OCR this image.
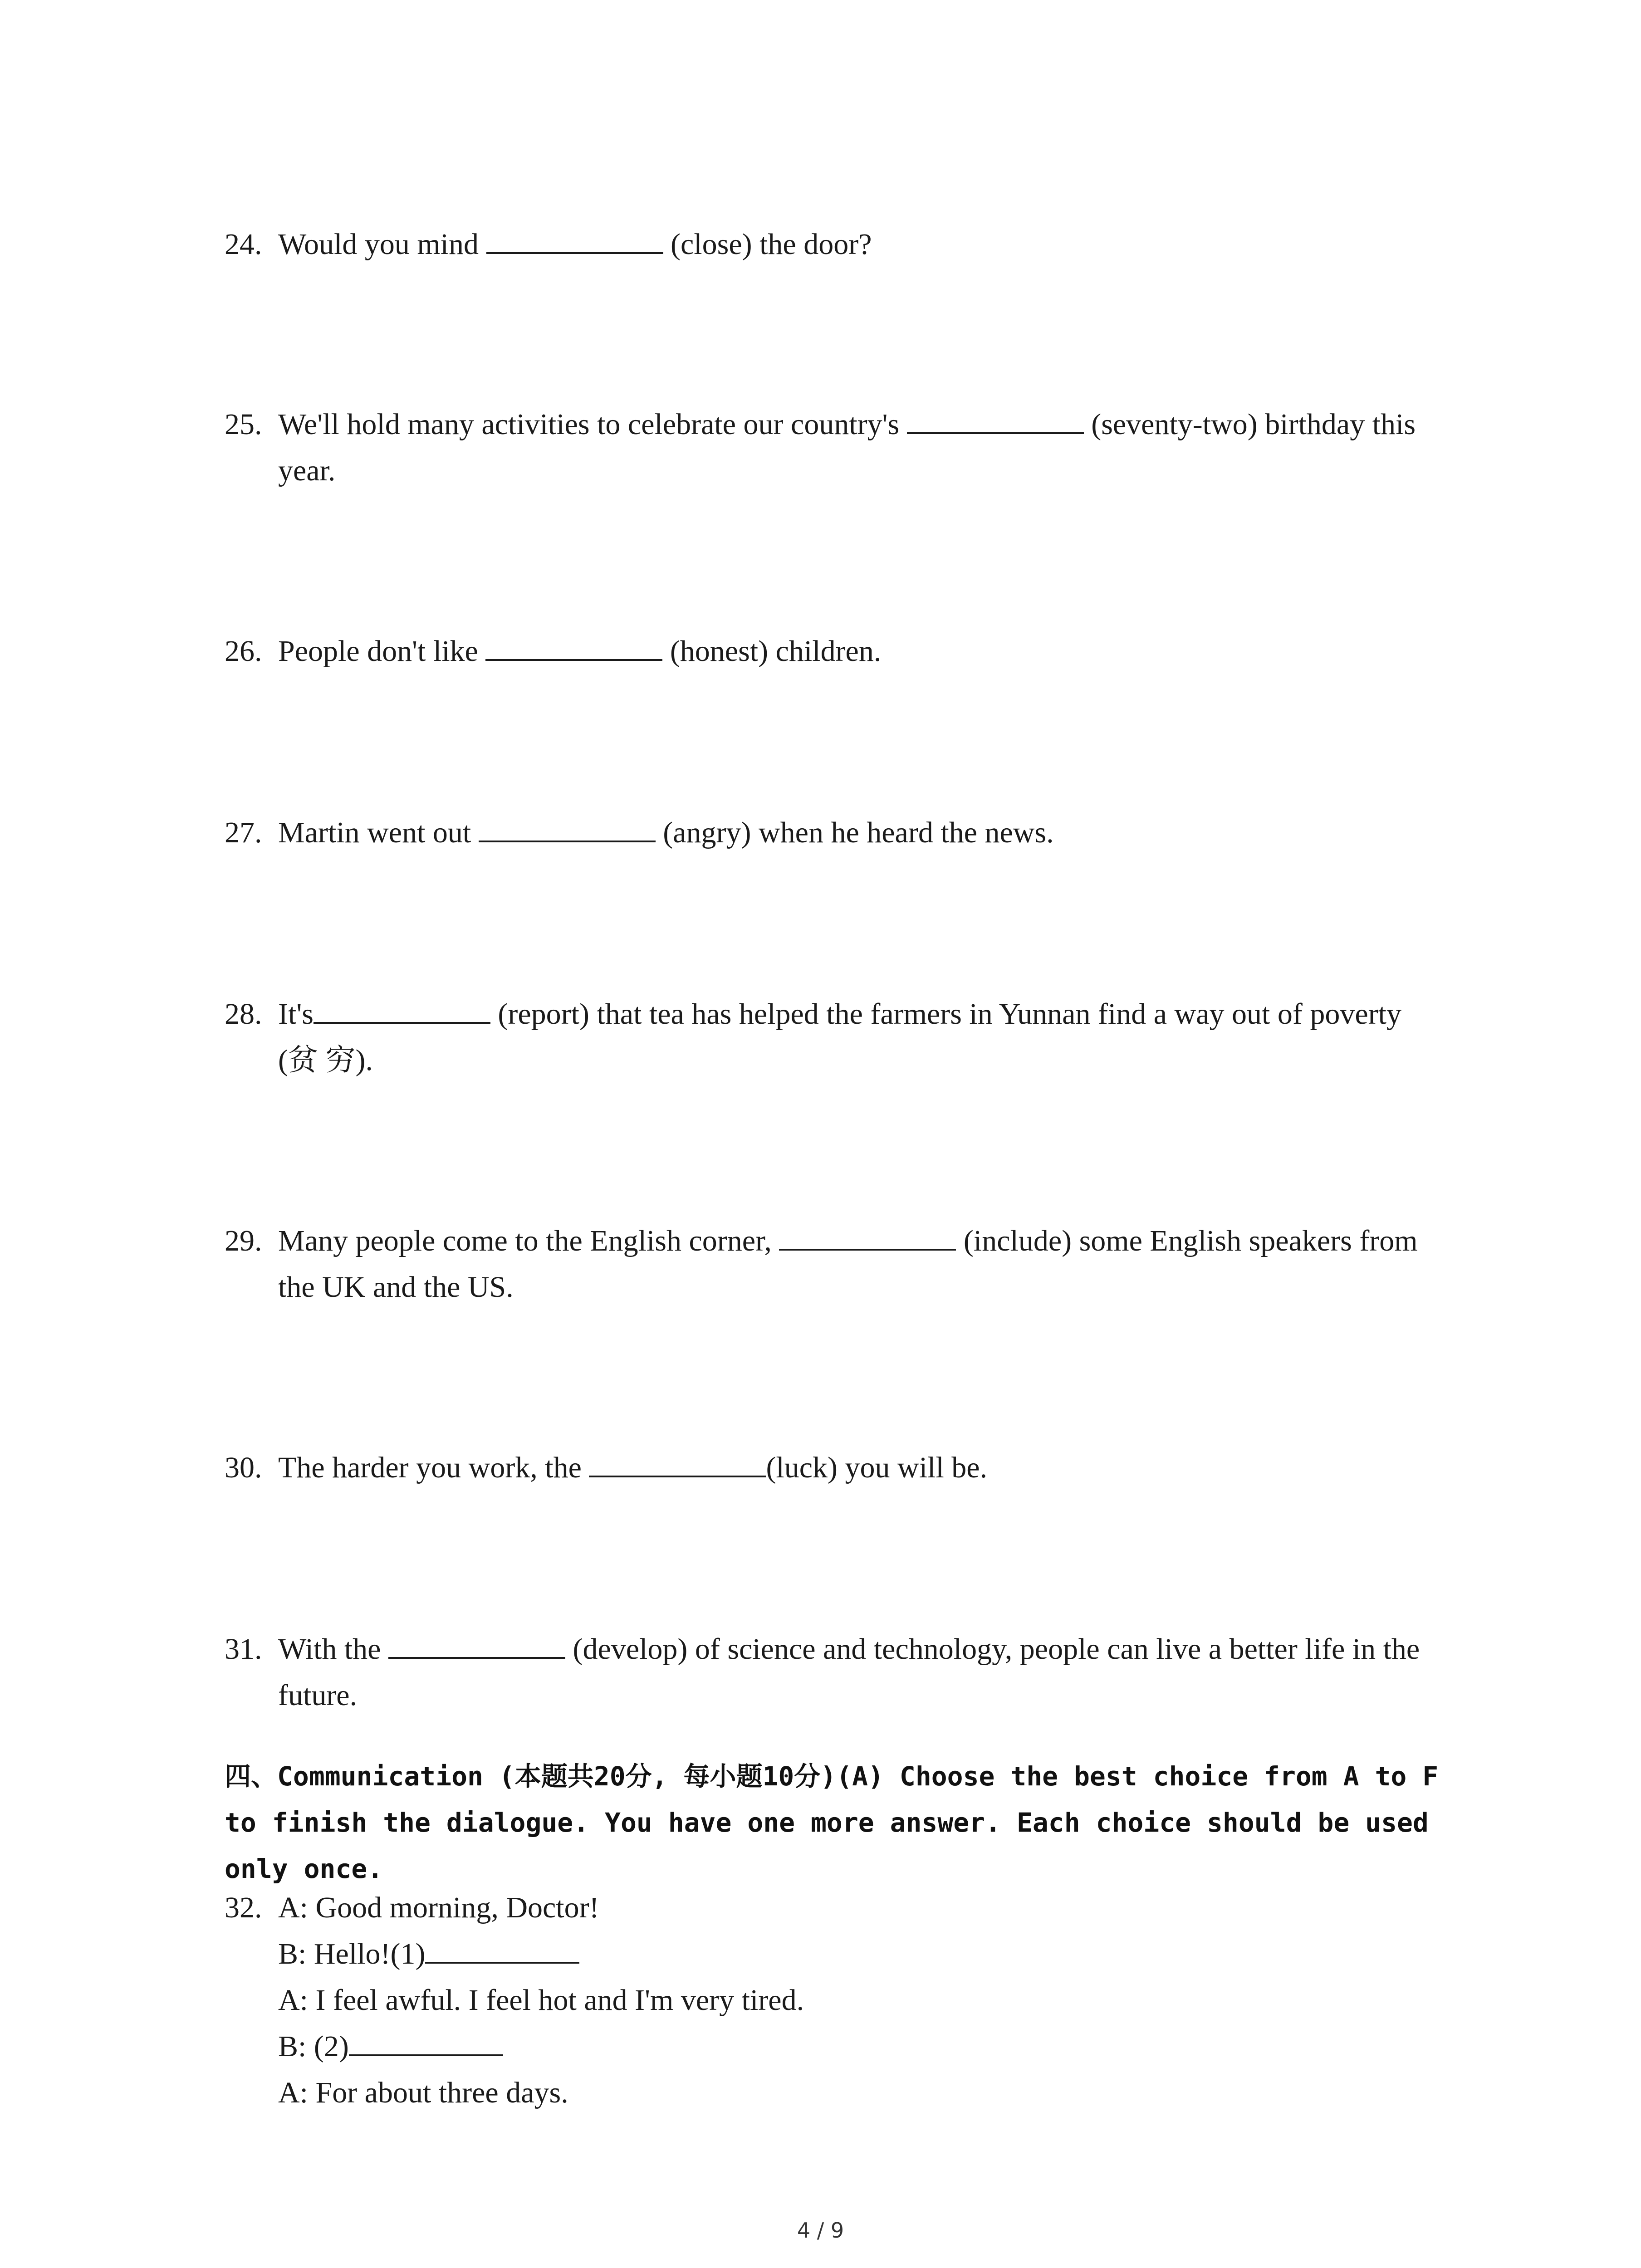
24. Would you mind	(close) the door?
25. We'll hold many activities to celebrate our country's	(seventy-two) birthday this
year.
26. People don't like	(honest) children.
27. Martin went out	(angry) when he heard the news.
28. It's	(report) that tea has helped the farmers in Yunnan find a way out of poverty
(贫 穷).
29. Many people come to the English corner,	(include) some English speakers from
the UK and the US.
30. The harder you work, the	(luck) you will be.
31. With the	(develop) of science and technology, people can live a better life in the
future.
四、Communication (本题共20分, 每小题10分)(A) Choose the best choice from A to F to finish the dialogue. You have one more answer. Each choice should be used only once.
32. A: Good morning, Doctor!
B: Hello!(1)
A: I feel awful. I feel hot and I'm very tired.
B: (2)
A: For about three days.
4 / 9
